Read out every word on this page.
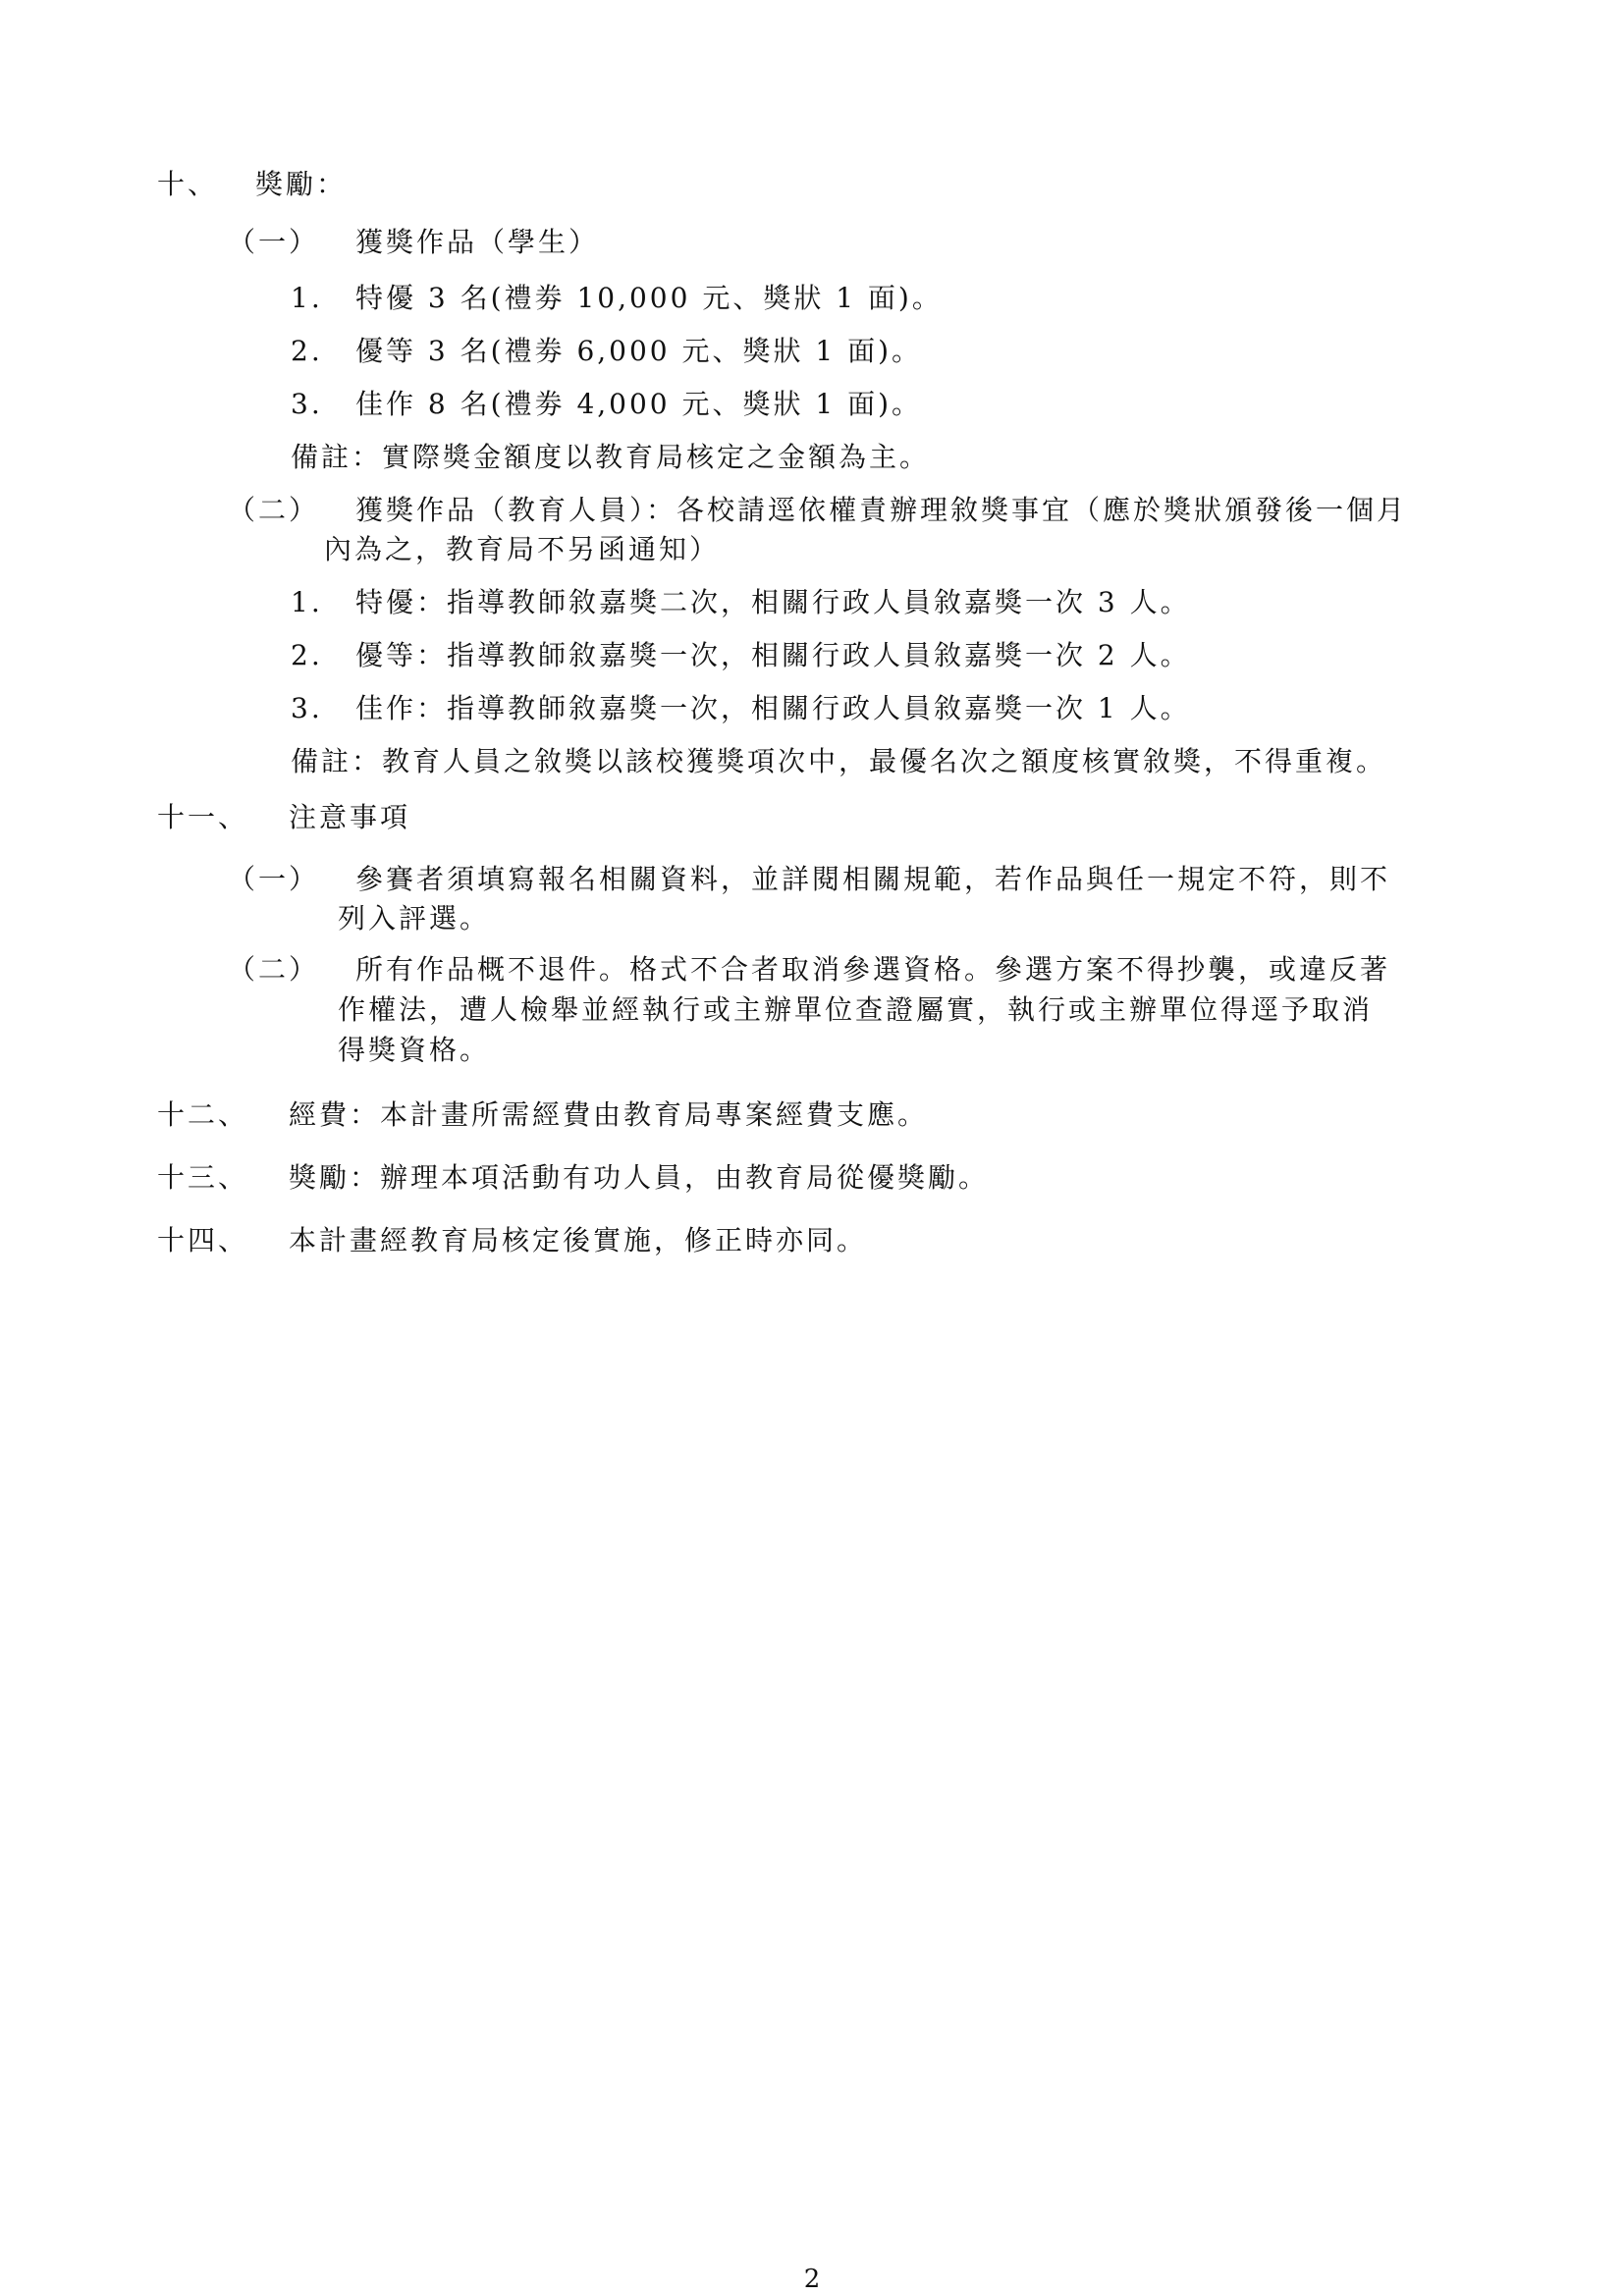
十、 獎勵：
（一） 獲獎作品（學生）
1. 特優 3 名(禮劵 10,000 元、獎狀 1 面)。
2. 優等 3 名(禮劵 6,000 元、獎狀 1 面)。
3. 佳作 8 名(禮劵 4,000 元、獎狀 1 面)。
備註：實際獎金額度以教育局核定之金額為主。
（二） 獲獎作品（教育人員）：各校請逕依權責辦理敘獎事宜（應於獎狀頒發後一個月
內為之，教育局不另函通知）
1. 特優：指導教師敘嘉獎二次，相關行政人員敘嘉獎一次 3 人。
2. 優等：指導教師敘嘉獎一次，相關行政人員敘嘉獎一次 2 人。
3. 佳作：指導教師敘嘉獎一次，相關行政人員敘嘉獎一次 1 人。
備註：教育人員之敘獎以該校獲獎項次中，最優名次之額度核實敘獎，不得重複。
十一、 注意事項
（一） 參賽者須填寫報名相關資料，並詳閱相關規範，若作品與任一規定不符，則不
列入評選。
（二） 所有作品概不退件。格式不合者取消參選資格。參選方案不得抄襲，或違反著
作權法，遭人檢舉並經執行或主辦單位查證屬實，執行或主辦單位得逕予取消
得獎資格。
十二、 經費：本計畫所需經費由教育局專案經費支應。
十三、 獎勵：辦理本項活動有功人員，由教育局從優獎勵。
十四、 本計畫經教育局核定後實施，修正時亦同。
2
